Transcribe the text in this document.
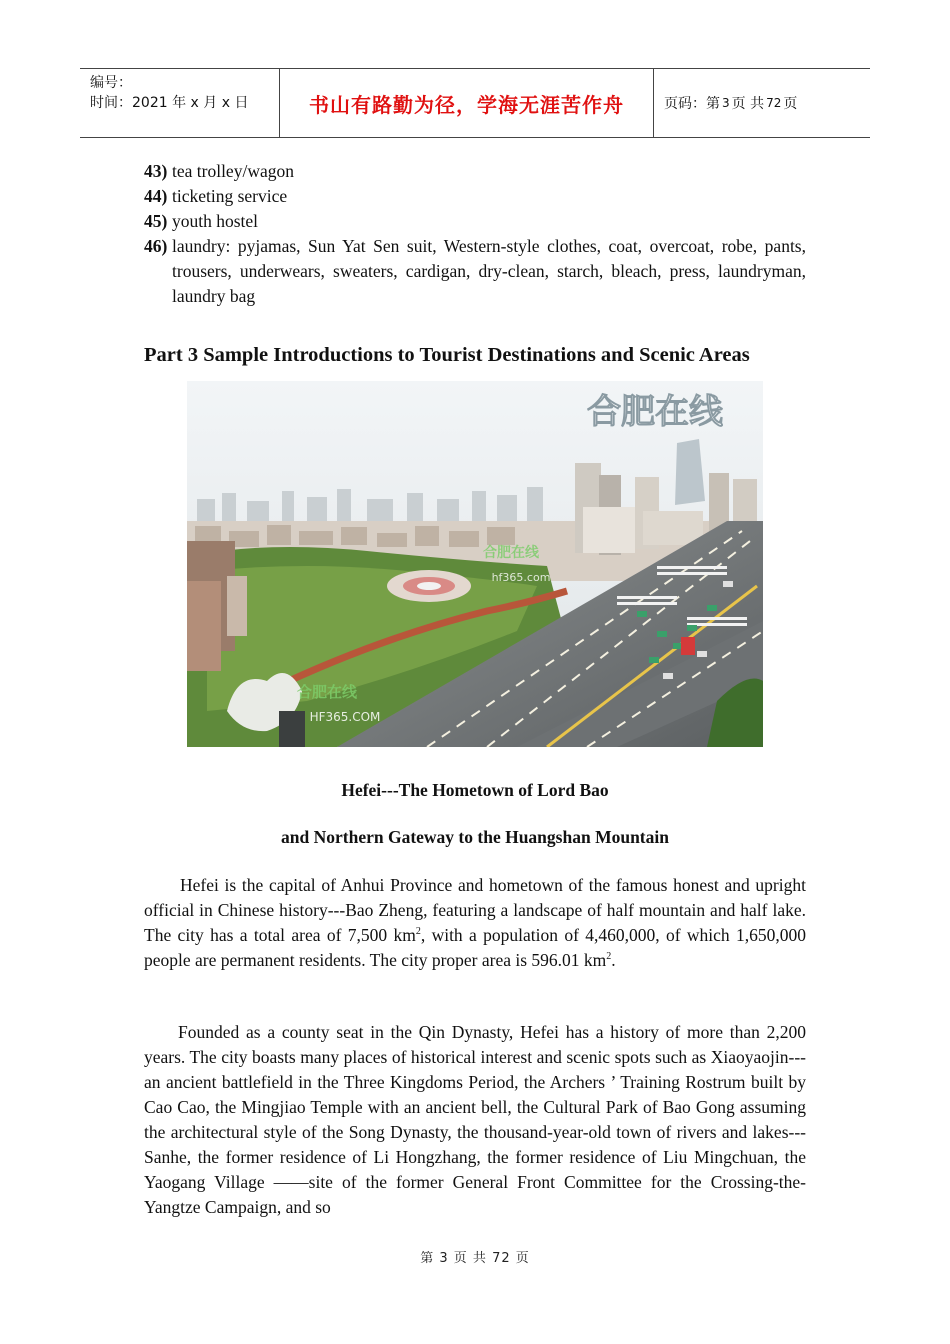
编号：
时间：2021 年 x 月 x 日	书山有路勤为径，学海无涯苦作舟	页码：第 3 页 共 72 页
43) tea trolley/wagon
44) ticketing service
45) youth hostel
46) laundry: pyjamas, Sun Yat Sen suit, Western-style clothes, coat, overcoat, robe, pants, trousers, underwears, sweaters, cardigan, dry-clean, starch, bleach, press, laundryman, laundry bag
Part 3 Sample Introductions to Tourist Destinations and Scenic Areas
合肥在线
合肥在线
hf365.com
合肥在线
HF365.COM
Hefei---The Hometown of Lord Bao
and Northern Gateway to the Huangshan Mountain
Hefei is the capital of Anhui Province and hometown of the famous honest and upright official in Chinese history---Bao Zheng, featuring a landscape of half mountain and half lake. The city has a total area of 7,500 $km^2$, with a population of 4,460,000, of which 1,650,000 people are permanent residents. The city proper area is 596.01 $km^2$.
Founded as a county seat in the Qin Dynasty, Hefei has a history of more than 2,200 years. The city boasts many places of historical interest and scenic spots such as Xiaoyaojin---an ancient battlefield in the Three Kingdoms Period, the Archers ’ Training Rostrum built by Cao Cao, the Mingjiao Temple with an ancient bell, the Cultural Park of Bao Gong assuming the architectural style of the Song Dynasty, the thousand-year-old town of rivers and lakes---Sanhe, the former residence of Li Hongzhang, the former residence of Liu Mingchuan, the Yaogang Village ——site of the former General Front Committee for the Crossing-the-Yangtze Campaign, and so
第 3 页 共 72 页
